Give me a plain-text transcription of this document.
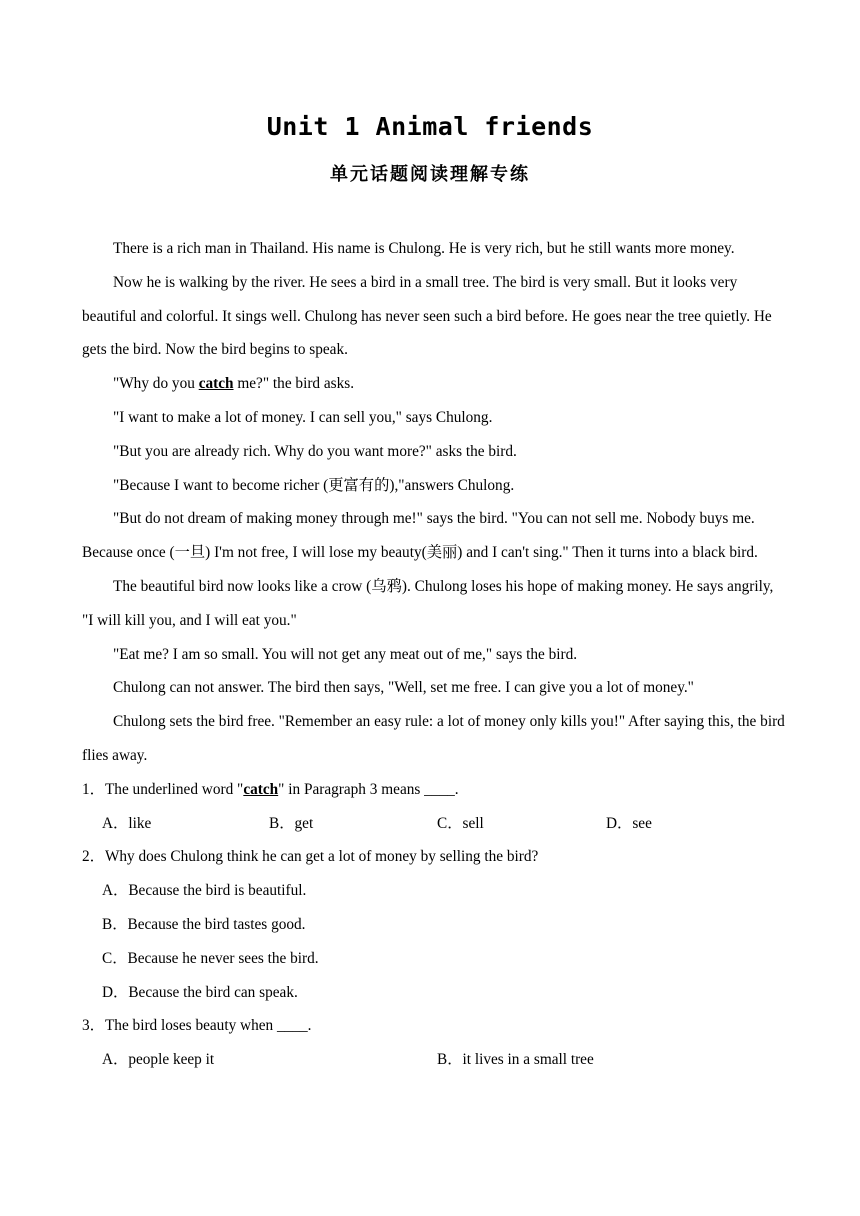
Unit 1 Animal friends
单元话题阅读理解专练

There is a rich man in Thailand. His name is Chulong. He is very rich, but he still wants more money.

Now he is walking by the river. He sees a bird in a small tree. The bird is very small. But it looks very beautiful and colorful. It sings well. Chulong has never seen such a bird before. He goes near the tree quietly. He gets the bird. Now the bird begins to speak.

"Why do you catch me?" the bird asks.

"I want to make a lot of money. I can sell you," says Chulong.

"But you are already rich. Why do you want more?" asks the bird.

"Because I want to become richer (更富有的),"answers Chulong.

"But do not dream of making money through me!" says the bird. "You can not sell me. Nobody buys me. Because once (一旦) I'm not free, I will lose my beauty(美丽) and I can't sing." Then it turns into a black bird.

The beautiful bird now looks like a crow (乌鸦). Chulong loses his hope of making money. He says angrily, "I will kill you, and I will eat you."

"Eat me? I am so small. You will not get any meat out of me," says the bird.

Chulong can not answer. The bird then says, "Well, set me free. I can give you a lot of money."

Chulong sets the bird free. "Remember an easy rule: a lot of money only kills you!" After saying this, the bird flies away.

1．The underlined word "catch" in Paragraph 3 means ____.

A．like	B．get	C．sell	D．see

2．Why does Chulong think he can get a lot of money by selling the bird?

A．Because the bird is beautiful.

B．Because the bird tastes good.

C．Because he never sees the bird.

D．Because the bird can speak.

3．The bird loses beauty when ____.

A．people keep it	B．it lives in a small tree
